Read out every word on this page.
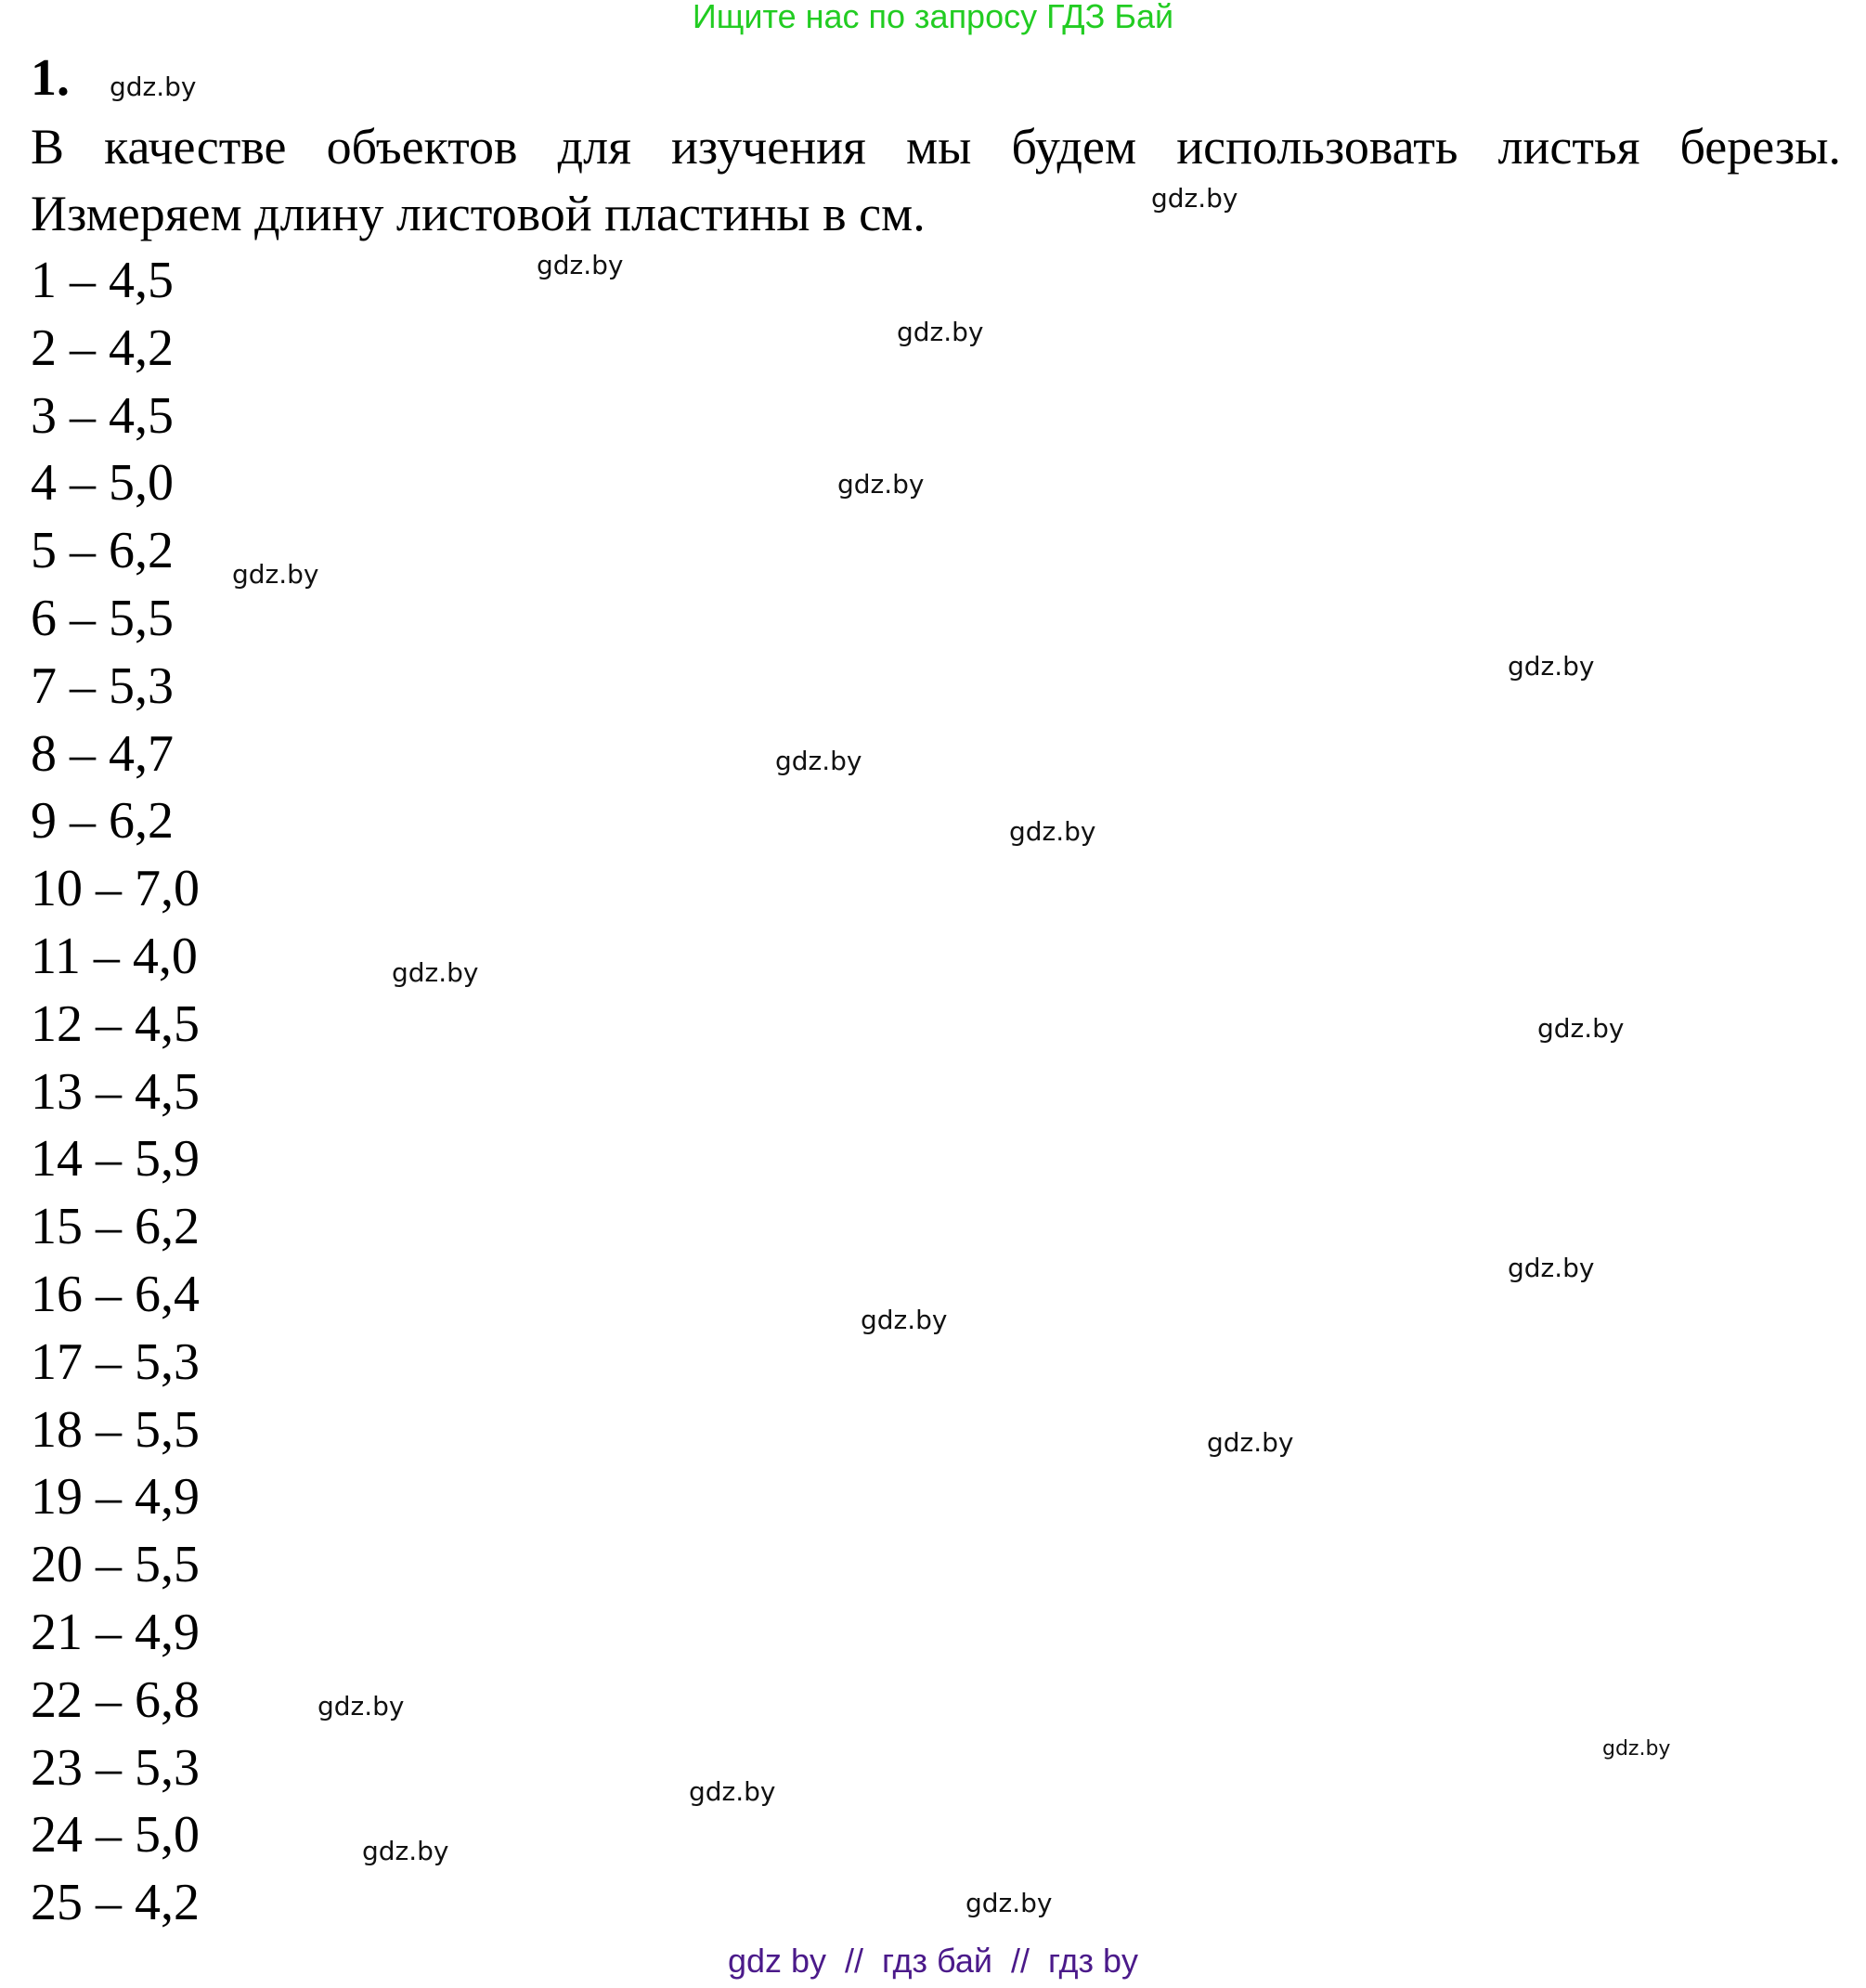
Ищите нас по запросу ГДЗ Бай
1.
В качестве объектов для изучения мы будем использовать листья березы.
Измеряем длину листовой пластины в см.
1 – 4,5
2 – 4,2
3 – 4,5
4 – 5,0
5 – 6,2
6 – 5,5
7 – 5,3
8 – 4,7
9 – 6,2
10 – 7,0
11 – 4,0
12 – 4,5
13 – 4,5
14 – 5,9
15 – 6,2
16 – 6,4
17 – 5,3
18 – 5,5
19 – 4,9
20 – 5,5
21 – 4,9
22 – 6,8
23 – 5,3
24 – 5,0
25 – 4,2
gdz.by
gdz.by
gdz.by
gdz.by
gdz.by
gdz.by
gdz.by
gdz.by
gdz.by
gdz.by
gdz.by
gdz.by
gdz.by
gdz.by
gdz.by
gdz.by
gdz.by
gdz.by
gdz.by
gdz by  //  гдз бай  //  гдз by
